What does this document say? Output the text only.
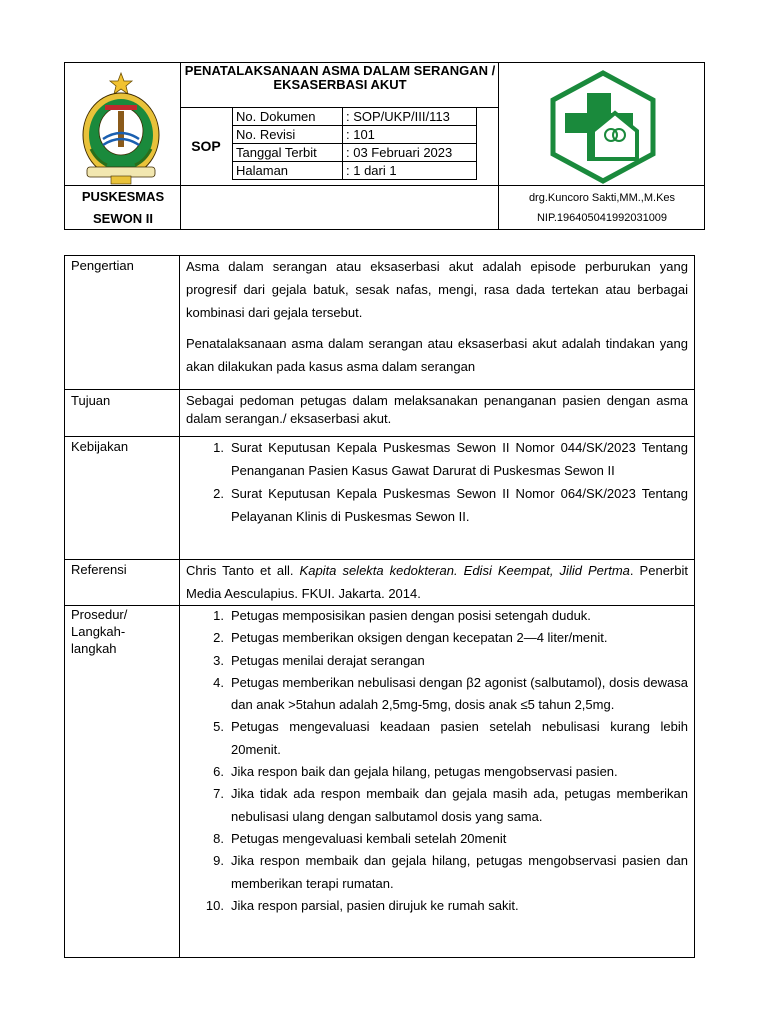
PENATALAKSANAAN ASMA DALAM SERANGAN / EKSASERBASI AKUT
SOP
No. Dokumen	: SOP/UKP/III/113
No. Revisi	: 101
Tanggal Terbit	: 03 Februari 2023
Halaman	: 1 dari 1
PUSKESMAS
SEWON II
drg.Kuncoro Sakti,MM.,M.Kes
NIP.196405041992031009
Pengertian	Asma dalam serangan atau eksaserbasi akut adalah episode perburukan yang progresif dari gejala batuk, sesak nafas, mengi, rasa dada tertekan atau berbagai kombinasi dari gejala tersebut.

Penatalaksanaan asma dalam serangan atau eksaserbasi akut adalah tindakan yang akan dilakukan pada kasus asma dalam serangan

Tujuan	Sebagai pedoman petugas dalam melaksanakan penanganan pasien dengan asma dalam serangan./ eksaserbasi akut.
Kebijakan	1. Surat Keputusan Kepala Puskesmas Sewon II Nomor 044/SK/2023 Tentang Penanganan Pasien Kasus Gawat Darurat di Puskesmas Sewon II
2. Surat Keputusan Kepala Puskesmas Sewon II Nomor 064/SK/2023 Tentang Pelayanan Klinis di Puskesmas Sewon II.
Referensi	Chris Tanto et all. Kapita selekta kedokteran. Edisi Keempat, Jilid Pertma. Penerbit Media Aesculapius. FKUI. Jakarta. 2014.
Prosedur/
Langkah-
langkah
1. Petugas memposisikan pasien dengan posisi setengah duduk.
2. Petugas memberikan oksigen dengan kecepatan 2—4 liter/menit.
3. Petugas menilai derajat serangan
4. Petugas memberikan nebulisasi dengan β2 agonist (salbutamol), dosis dewasa dan anak >5tahun adalah 2,5mg-5mg, dosis anak ≤5 tahun 2,5mg.
5. Petugas mengevaluasi keadaan pasien setelah nebulisasi kurang lebih 20menit.
6. Jika respon baik dan gejala hilang, petugas mengobservasi pasien.
7. Jika tidak ada respon membaik dan gejala masih ada, petugas memberikan nebulisasi ulang dengan salbutamol dosis yang sama.
8. Petugas mengevaluasi kembali setelah 20menit
9. Jika respon membaik dan gejala hilang, petugas mengobservasi pasien dan memberikan terapi rumatan.
10. Jika respon parsial, pasien dirujuk ke rumah sakit.
